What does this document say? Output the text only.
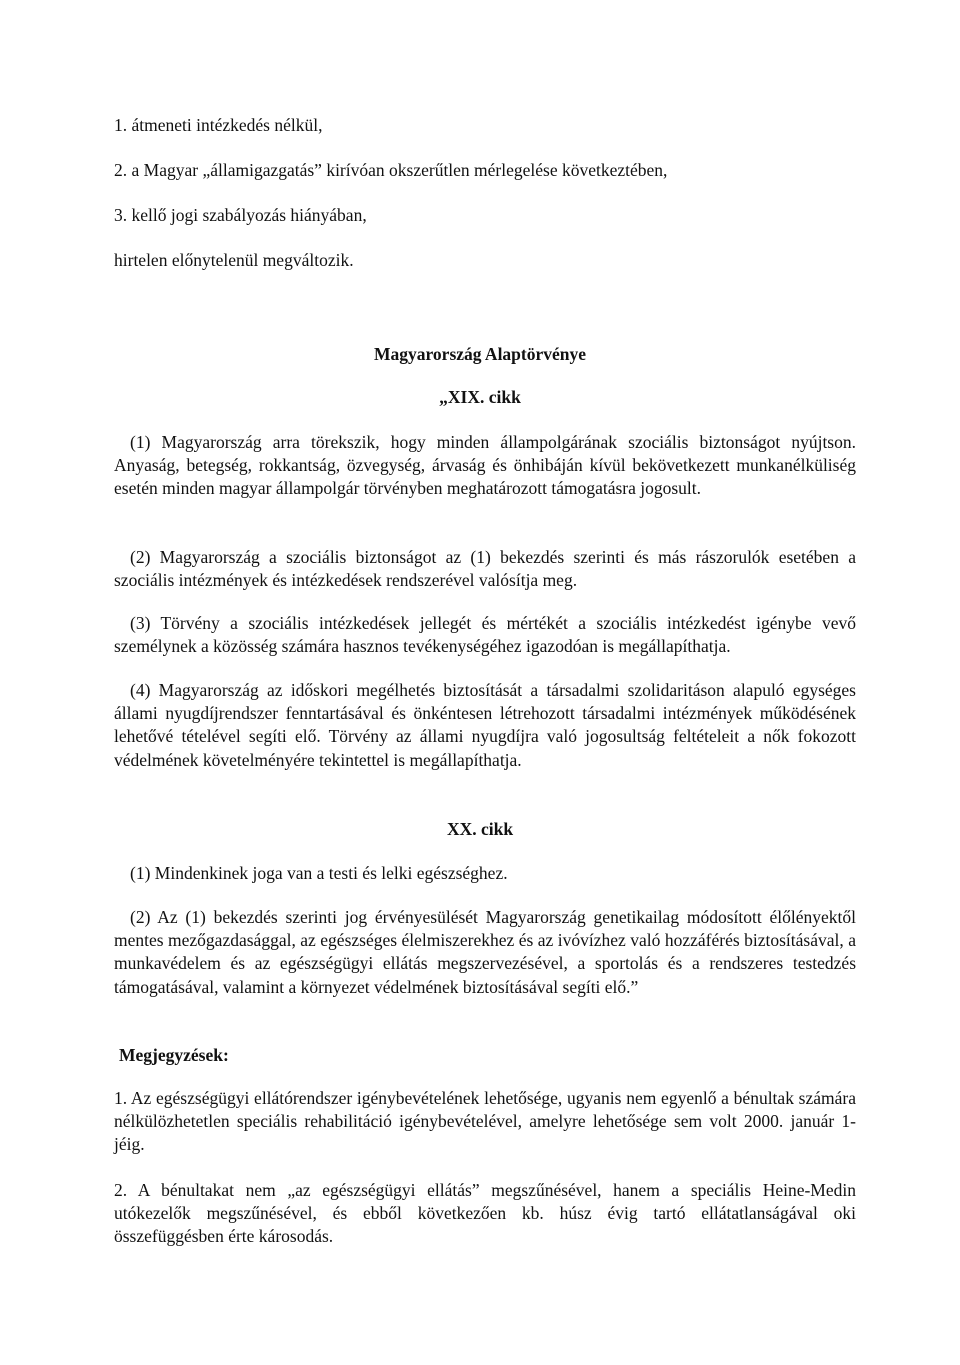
1. átmeneti intézkedés nélkül,
2. a Magyar „államigazgatás” kirívóan okszerűtlen mérlegelése következtében,
3. kellő jogi szabályozás hiányában,
hirtelen előnytelenül megváltozik.
Magyarország Alaptörvénye
„XIX. cikk
(1) Magyarország arra törekszik, hogy minden állampolgárának szociális biztonságot nyújtson. Anyaság, betegség, rokkantság, özvegység, árvaság és önhibáján kívül bekövetkezett munkanélküliség esetén minden magyar állampolgár törvényben meghatározott támogatásra jogosult.
(2) Magyarország a szociális biztonságot az (1) bekezdés szerinti és más rászorulók esetében a szociális intézmények és intézkedések rendszerével valósítja meg.
(3) Törvény a szociális intézkedések jellegét és mértékét a szociális intézkedést igénybe vevő személynek a közösség számára hasznos tevékenységéhez igazodóan is megállapíthatja.
(4) Magyarország az időskori megélhetés biztosítását a társadalmi szolidaritáson alapuló egységes állami nyugdíjrendszer fenntartásával és önkéntesen létrehozott társadalmi intézmények működésének lehetővé tételével segíti elő. Törvény az állami nyugdíjra való jogosultság feltételeit a nők fokozott védelmének követelményére tekintettel is megállapíthatja.
XX. cikk
(1) Mindenkinek joga van a testi és lelki egészséghez.
(2) Az (1) bekezdés szerinti jog érvényesülését Magyarország genetikailag módosított élőlényektől mentes mezőgazdasággal, az egészséges élelmiszerekhez és az ivóvízhez való hozzáférés biztosításával, a munkavédelem és az egészségügyi ellátás megszervezésével, a sportolás és a rendszeres testedzés támogatásával, valamint a környezet védelmének biztosításával segíti elő.”
Megjegyzések:
1. Az egészségügyi ellátórendszer igénybevételének lehetősége, ugyanis nem egyenlő a bénultak számára nélkülözhetetlen speciális rehabilitáció igénybevételével, amelyre lehetősége sem volt 2000. január 1-jéig.
2. A bénultakat nem „az egészségügyi ellátás” megszűnésével, hanem a speciális Heine-Medin utókezelők megszűnésével, és ebből következően kb. húsz évig tartó ellátatlanságával oki összefüggésben érte károsodás.
